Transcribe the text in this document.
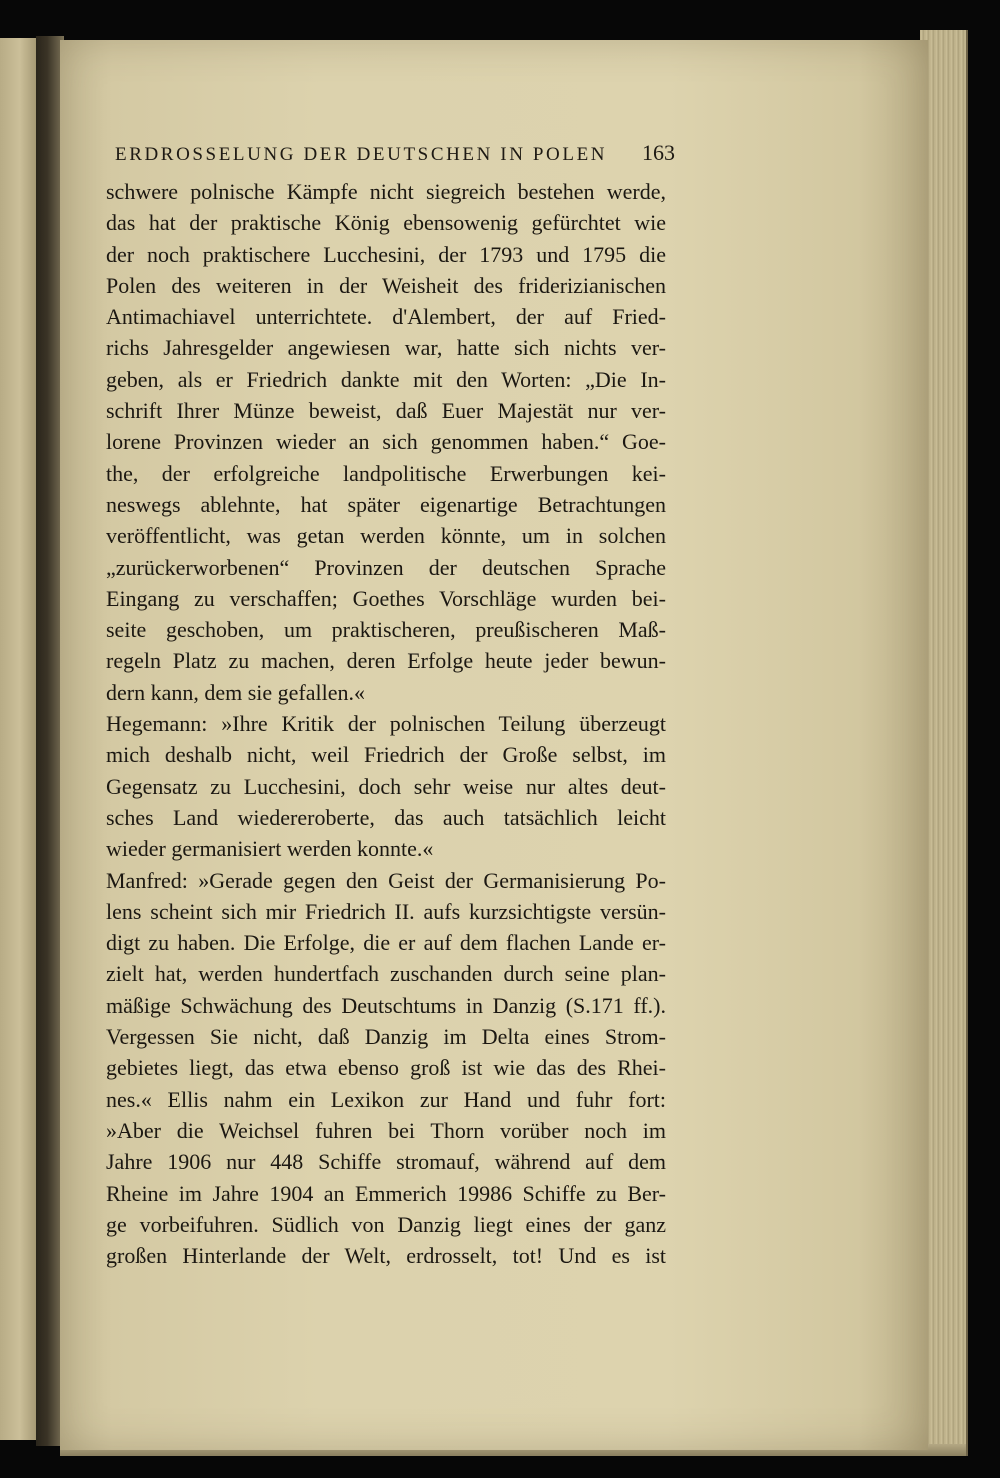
ERDROSSELUNG DER DEUTSCHEN IN POLEN 163
schwere polnische Kämpfe nicht siegreich bestehen werde,
das hat der praktische König ebensowenig gefürchtet wie
der noch praktischere Lucchesini, der 1793 und 1795 die
Polen des weiteren in der Weisheit des friderizianischen
Antimachiavel unterrichtete. d'Alembert, der auf Fried-
richs Jahresgelder angewiesen war, hatte sich nichts ver-
geben, als er Friedrich dankte mit den Worten: „Die In-
schrift Ihrer Münze beweist, daß Euer Majestät nur ver-
lorene Provinzen wieder an sich genommen haben.“ Goe-
the, der erfolgreiche landpolitische Erwerbungen kei-
neswegs ablehnte, hat später eigenartige Betrachtungen
veröffentlicht, was getan werden könnte, um in solchen
„zurückerworbenen“ Provinzen der deutschen Sprache
Eingang zu verschaffen; Goethes Vorschläge wurden bei-
seite geschoben, um praktischeren, preußischeren Maß-
regeln Platz zu machen, deren Erfolge heute jeder bewun-
dern kann, dem sie gefallen.«
Hegemann: »Ihre Kritik der polnischen Teilung überzeugt
mich deshalb nicht, weil Friedrich der Große selbst, im
Gegensatz zu Lucchesini, doch sehr weise nur altes deut-
sches Land wiedereroberte, das auch tatsächlich leicht
wieder germanisiert werden konnte.«
Manfred: »Gerade gegen den Geist der Germanisierung Po-
lens scheint sich mir Friedrich II. aufs kurzsichtigste versün-
digt zu haben. Die Erfolge, die er auf dem flachen Lande er-
zielt hat, werden hundertfach zuschanden durch seine plan-
mäßige Schwächung des Deutschtums in Danzig (S.171 ff.).
Vergessen Sie nicht, daß Danzig im Delta eines Strom-
gebietes liegt, das etwa ebenso groß ist wie das des Rhei-
nes.« Ellis nahm ein Lexikon zur Hand und fuhr fort:
»Aber die Weichsel fuhren bei Thorn vorüber noch im
Jahre 1906 nur 448 Schiffe stromauf, während auf dem
Rheine im Jahre 1904 an Emmerich 19986 Schiffe zu Ber-
ge vorbeifuhren. Südlich von Danzig liegt eines der ganz
großen Hinterlande der Welt, erdrosselt, tot! Und es ist
